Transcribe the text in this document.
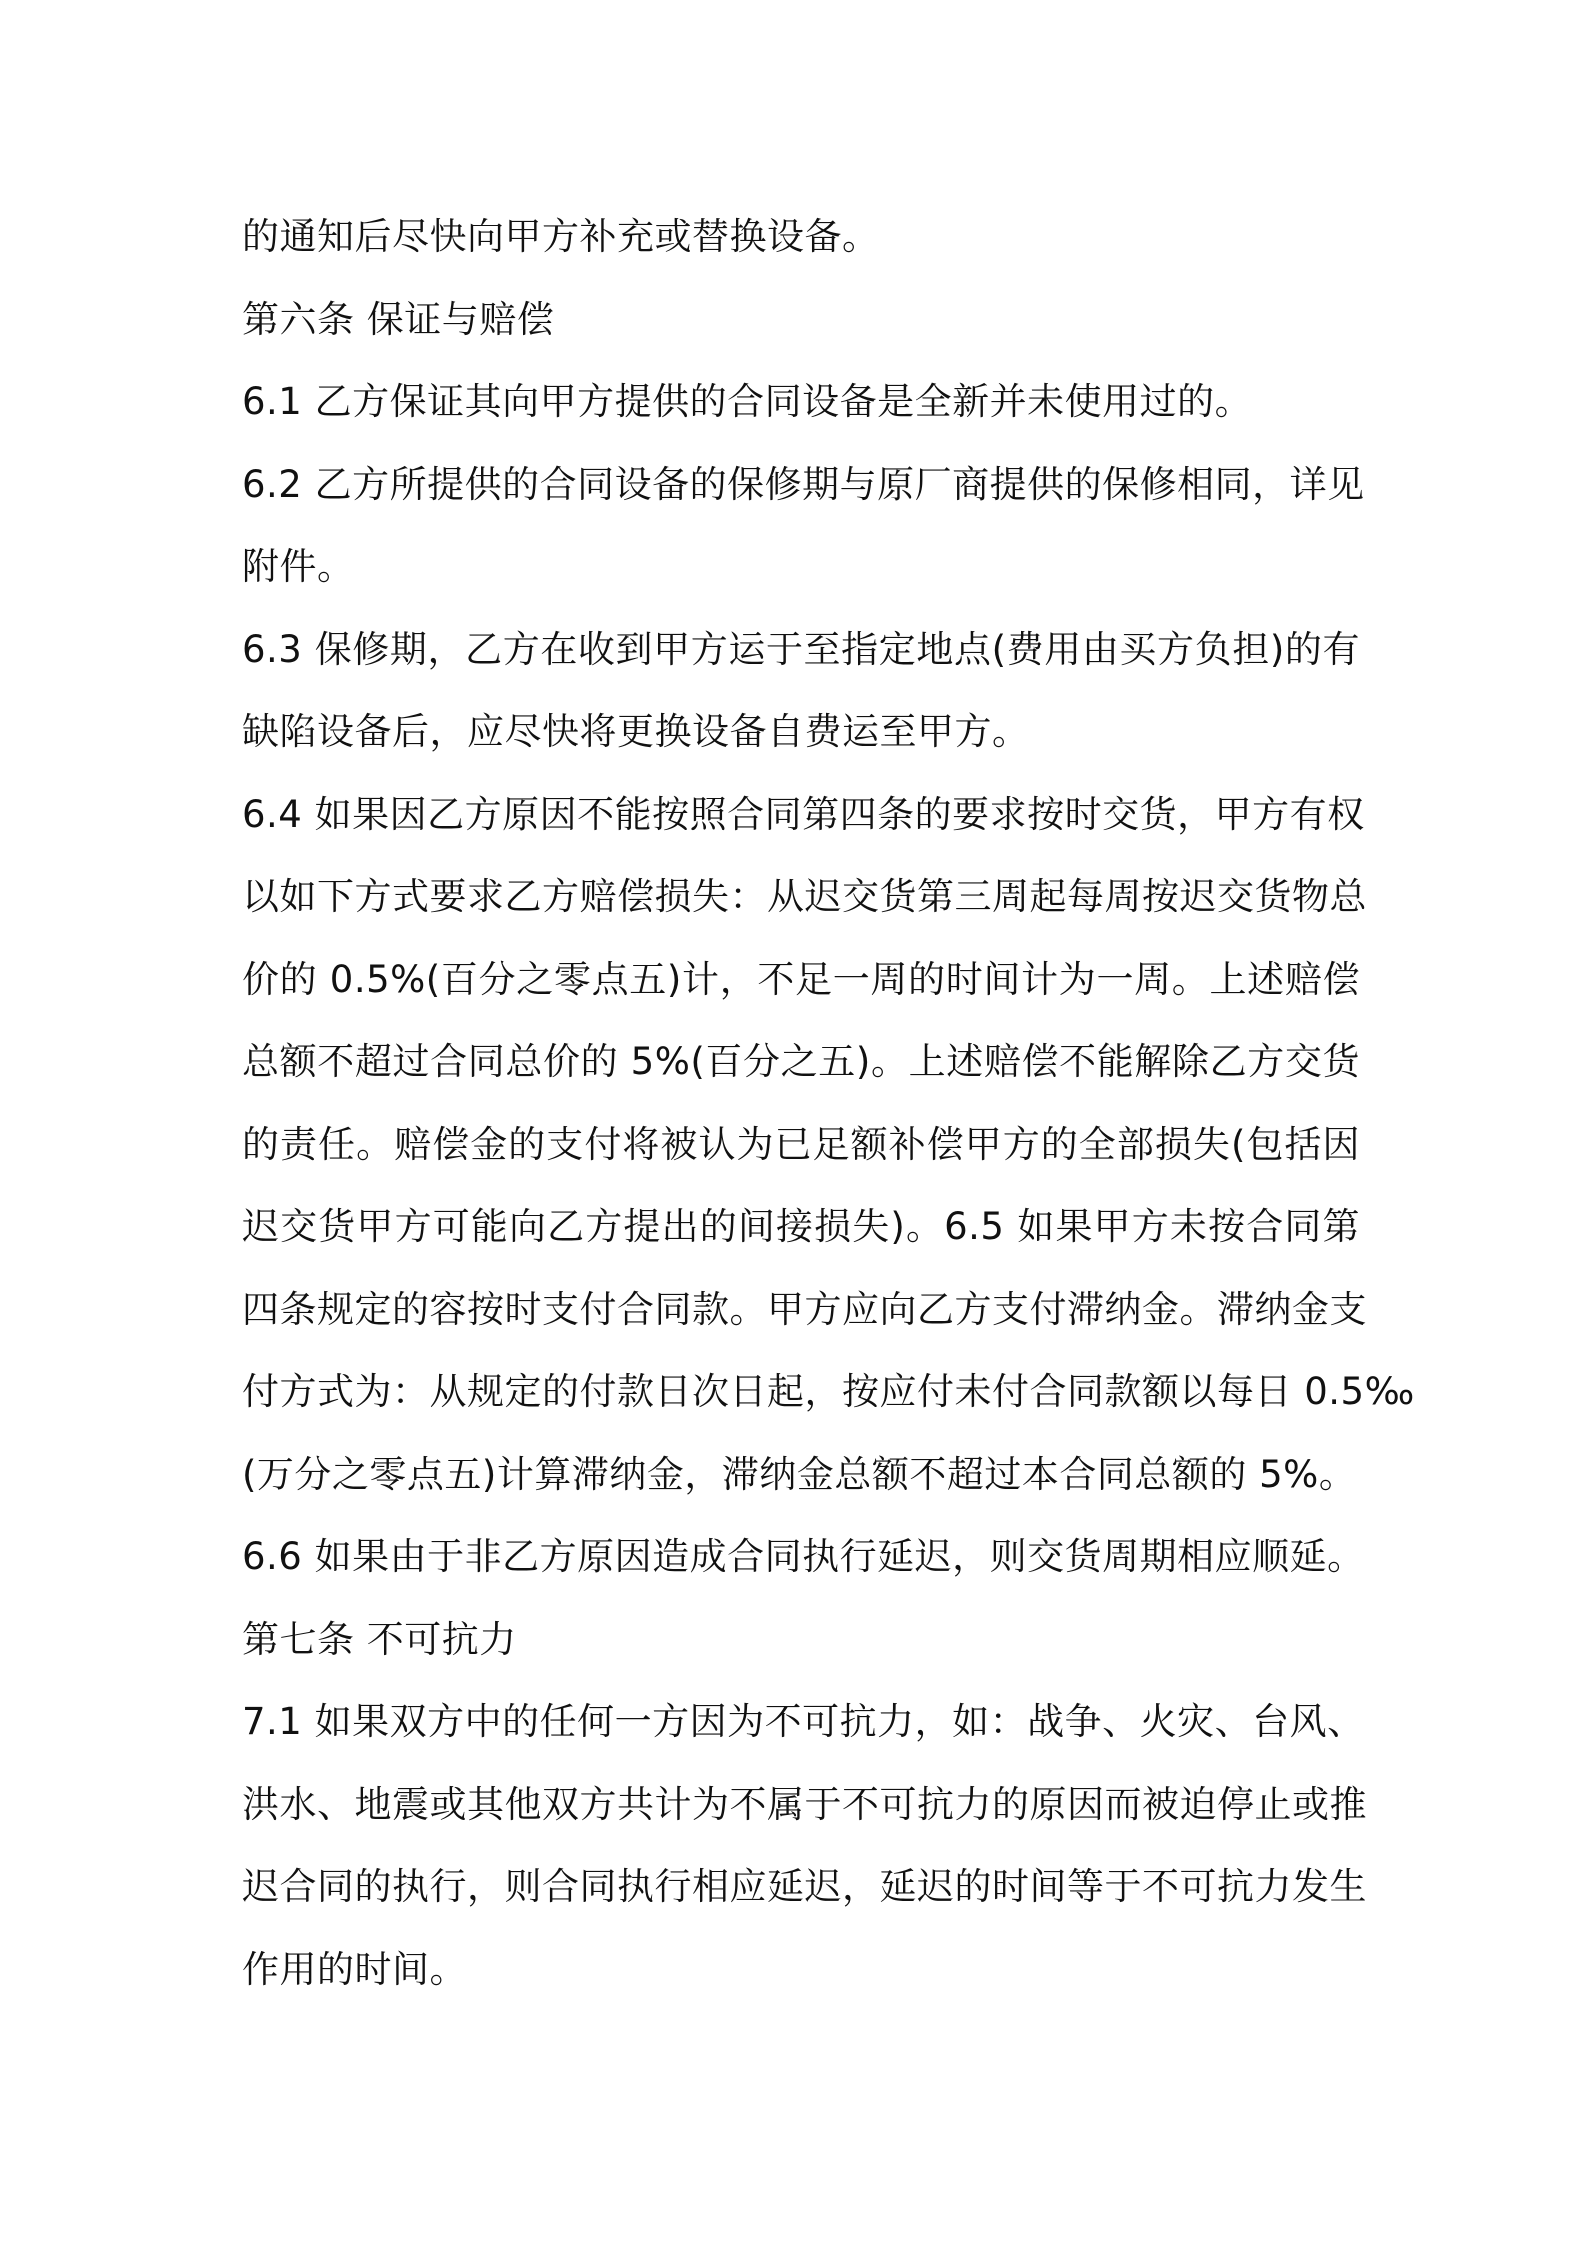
的通知后尽快向甲方补充或替换设备。
第六条 保证与赔偿
6.1 乙方保证其向甲方提供的合同设备是全新并未使用过的。
6.2 乙方所提供的合同设备的保修期与原厂商提供的保修相同，详见
附件。
6.3 保修期，乙方在收到甲方运于至指定地点(费用由买方负担)的有
缺陷设备后，应尽快将更换设备自费运至甲方。
6.4 如果因乙方原因不能按照合同第四条的要求按时交货，甲方有权
以如下方式要求乙方赔偿损失：从迟交货第三周起每周按迟交货物总
价的 0.5%(百分之零点五)计，不足一周的时间计为一周。上述赔偿
总额不超过合同总价的 5%(百分之五)。上述赔偿不能解除乙方交货
的责任。赔偿金的支付将被认为已足额补偿甲方的全部损失(包括因
迟交货甲方可能向乙方提出的间接损失)。6.5 如果甲方未按合同第
四条规定的容按时支付合同款。甲方应向乙方支付滞纳金。滞纳金支
付方式为：从规定的付款日次日起，按应付未付合同款额以每日 0.5‰
(万分之零点五)计算滞纳金，滞纳金总额不超过本合同总额的 5%。
6.6 如果由于非乙方原因造成合同执行延迟，则交货周期相应顺延。
第七条 不可抗力
7.1 如果双方中的任何一方因为不可抗力，如：战争、火灾、台风、
洪水、地震或其他双方共计为不属于不可抗力的原因而被迫停止或推
迟合同的执行，则合同执行相应延迟，延迟的时间等于不可抗力发生
作用的时间。
